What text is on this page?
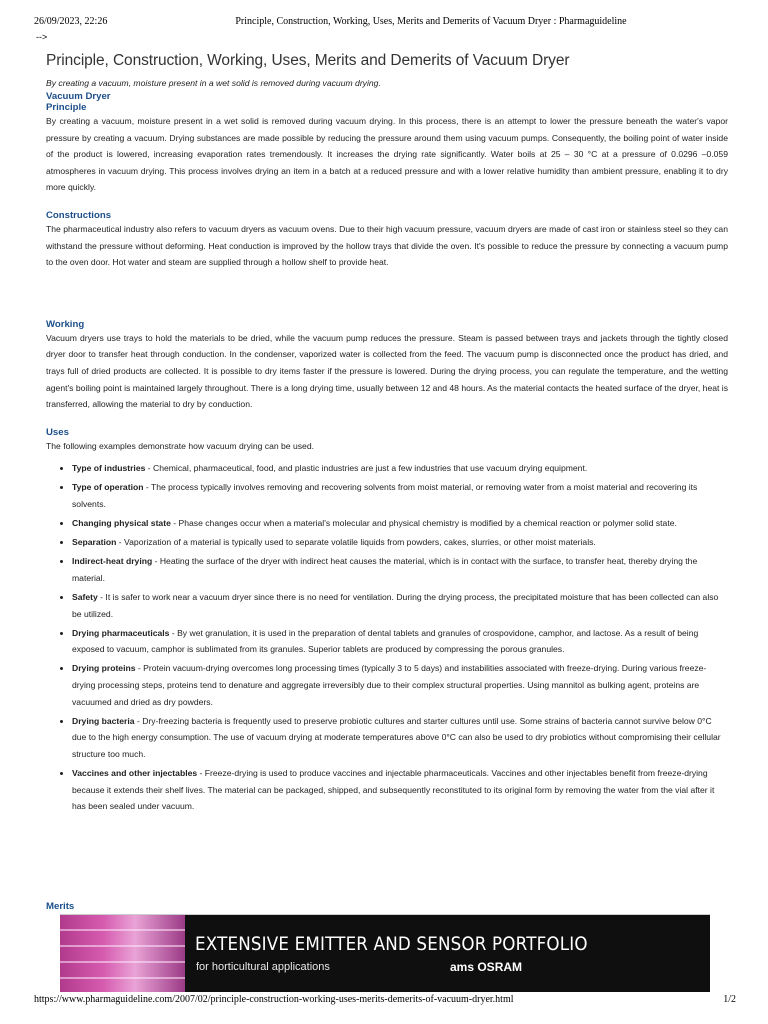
26/09/2023, 22:26	Principle, Construction, Working, Uses, Merits and Demerits of Vacuum Dryer : Pharmaguideline
-->
Principle, Construction, Working, Uses, Merits and Demerits of Vacuum Dryer
By creating a vacuum, moisture present in a wet solid is removed during vacuum drying.
Vacuum Dryer
Principle

By creating a vacuum, moisture present in a wet solid is removed during vacuum drying. In this process, there is an attempt to lower the pressure beneath the water's vapor pressure by creating a vacuum. Drying substances are made possible by reducing the pressure around them using vacuum pumps. Consequently, the boiling point of water inside of the product is lowered, increasing evaporation rates tremendously. It increases the drying rate significantly. Water boils at 25 – 30 °C at a pressure of 0.0296 –0.059 atmospheres in vacuum drying. This process involves drying an item in a batch at a reduced pressure and with a lower relative humidity than ambient pressure, enabling it to dry more quickly.

Constructions

The pharmaceutical industry also refers to vacuum dryers as vacuum ovens. Due to their high vacuum pressure, vacuum dryers are made of cast iron or stainless steel so they can withstand the pressure without deforming. Heat conduction is improved by the hollow trays that divide the oven. It's possible to reduce the pressure by connecting a vacuum pump to the oven door. Hot water and steam are supplied through a hollow shelf to provide heat.

Working

Vacuum dryers use trays to hold the materials to be dried, while the vacuum pump reduces the pressure. Steam is passed between trays and jackets through the tightly closed dryer door to transfer heat through conduction. In the condenser, vaporized water is collected from the feed. The vacuum pump is disconnected once the product has dried, and trays full of dried products are collected. It is possible to dry items faster if the pressure is lowered. During the drying process, you can regulate the temperature, and the wetting agent's boiling point is maintained largely throughout. There is a long drying time, usually between 12 and 48 hours. As the material contacts the heated surface of the dryer, heat is transferred, allowing the material to dry by conduction.

Uses

The following examples demonstrate how vacuum drying can be used.

• Type of industries - Chemical, pharmaceutical, food, and plastic industries are just a few industries that use vacuum drying equipment.
• Type of operation - The process typically involves removing and recovering solvents from moist material, or removing water from a moist material and recovering its solvents.
• Changing physical state - Phase changes occur when a material's molecular and physical chemistry is modified by a chemical reaction or polymer solid state.
• Separation - Vaporization of a material is typically used to separate volatile liquids from powders, cakes, slurries, or other moist materials.
• Indirect-heat drying - Heating the surface of the dryer with indirect heat causes the material, which is in contact with the surface, to transfer heat, thereby drying the material.
• Safety - It is safer to work near a vacuum dryer since there is no need for ventilation. During the drying process, the precipitated moisture that has been collected can also be utilized.
• Drying pharmaceuticals - By wet granulation, it is used in the preparation of dental tablets and granules of crospovidone, camphor, and lactose. As a result of being exposed to vacuum, camphor is sublimated from its granules. Superior tablets are produced by compressing the porous granules.
• Drying proteins - Protein vacuum-drying overcomes long processing times (typically 3 to 5 days) and instabilities associated with freeze-drying. During various freeze-drying processing steps, proteins tend to denature and aggregate irreversibly due to their complex structural properties. Using mannitol as bulking agent, proteins are vacuumed and dried as dry powders.
• Drying bacteria - Dry-freezing bacteria is frequently used to preserve probiotic cultures and starter cultures until use. Some strains of bacteria cannot survive below 0°C due to the high energy consumption. The use of vacuum drying at moderate temperatures above 0°C can also be used to dry probiotics without compromising their cellular structure too much.
• Vaccines and other injectables - Freeze-drying is used to produce vaccines and injectable pharmaceuticals. Vaccines and other injectables benefit from freeze-drying because it extends their shelf lives. The material can be packaged, shipped, and subsequently reconstituted to its original form by removing the water from the vial after it has been sealed under vacuum.
Merits
EXTENSIVE EMITTER AND SENSOR PORTFOLIO
for horticultural applications	ams OSRAM
https://www.pharmaguideline.com/2007/02/principle-construction-working-uses-merits-demerits-of-vacuum-dryer.html	1/2
